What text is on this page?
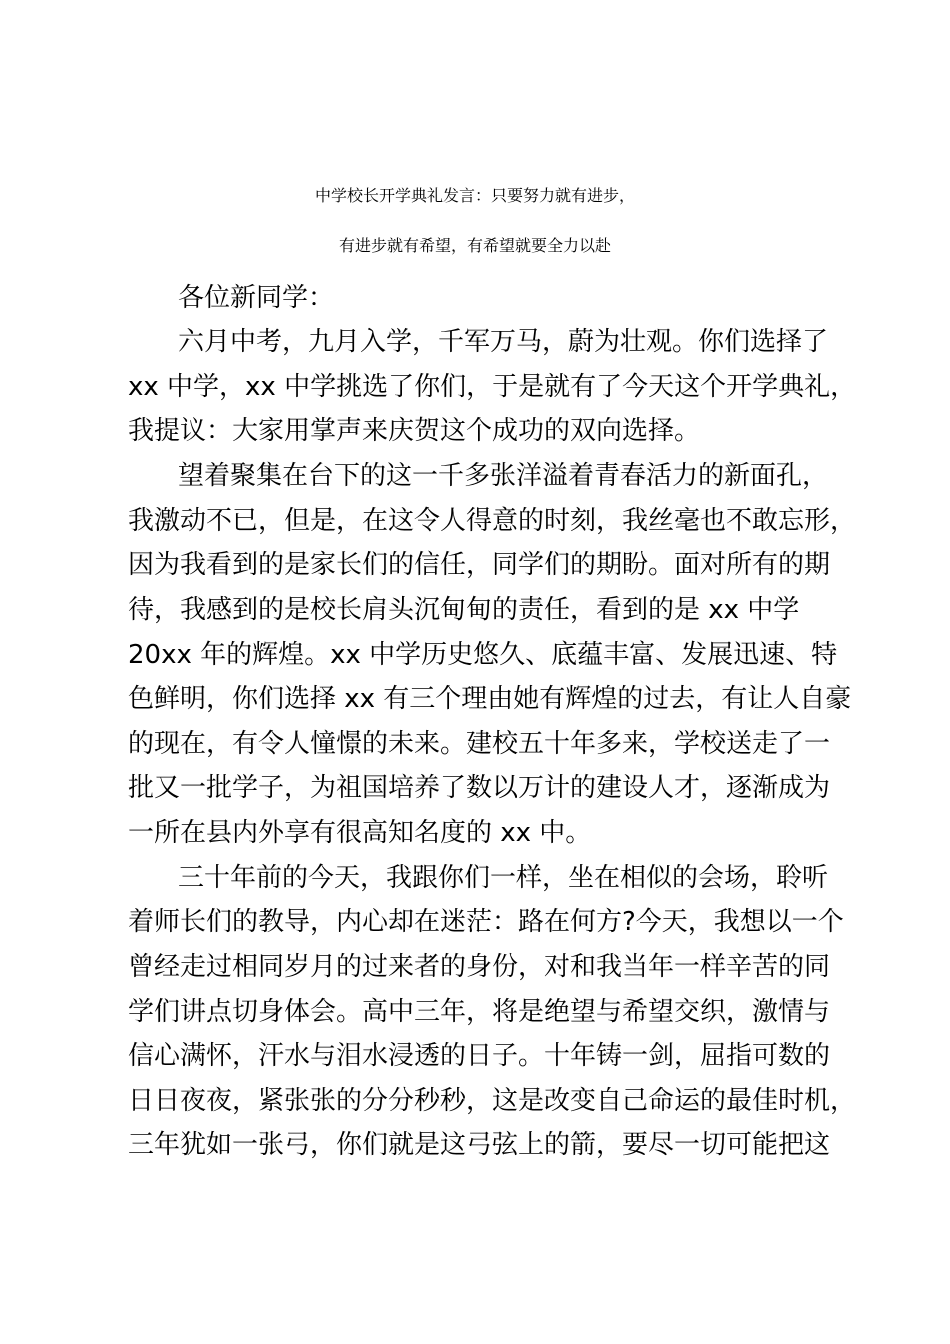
中学校长开学典礼发言：只要努力就有进步，
有进步就有希望，有希望就要全力以赴
各位新同学：
六月中考，九月入学，千军万马，蔚为壮观。你们选择了
xx 中学，xx 中学挑选了你们，于是就有了今天这个开学典礼，
我提议：大家用掌声来庆贺这个成功的双向选择。
望着聚集在台下的这一千多张洋溢着青春活力的新面孔，
我激动不已，但是，在这令人得意的时刻，我丝毫也不敢忘形，
因为我看到的是家长们的信任，同学们的期盼。面对所有的期
待，我感到的是校长肩头沉甸甸的责任，看到的是 xx 中学
20xx 年的辉煌。xx 中学历史悠久、底蕴丰富、发展迅速、特
色鲜明，你们选择 xx 有三个理由她有辉煌的过去，有让人自豪
的现在，有令人憧憬的未来。建校五十年多来，学校送走了一
批又一批学子，为祖国培养了数以万计的建设人才，逐渐成为
一所在县内外享有很高知名度的 xx 中。
三十年前的今天，我跟你们一样，坐在相似的会场，聆听
着师长们的教导，内心却在迷茫：路在何方?今天，我想以一个
曾经走过相同岁月的过来者的身份，对和我当年一样辛苦的同
学们讲点切身体会。高中三年，将是绝望与希望交织，激情与
信心满怀，汗水与泪水浸透的日子。十年铸一剑，屈指可数的
日日夜夜，紧张张的分分秒秒，这是改变自己命运的最佳时机，
三年犹如一张弓，你们就是这弓弦上的箭，要尽一切可能把这
